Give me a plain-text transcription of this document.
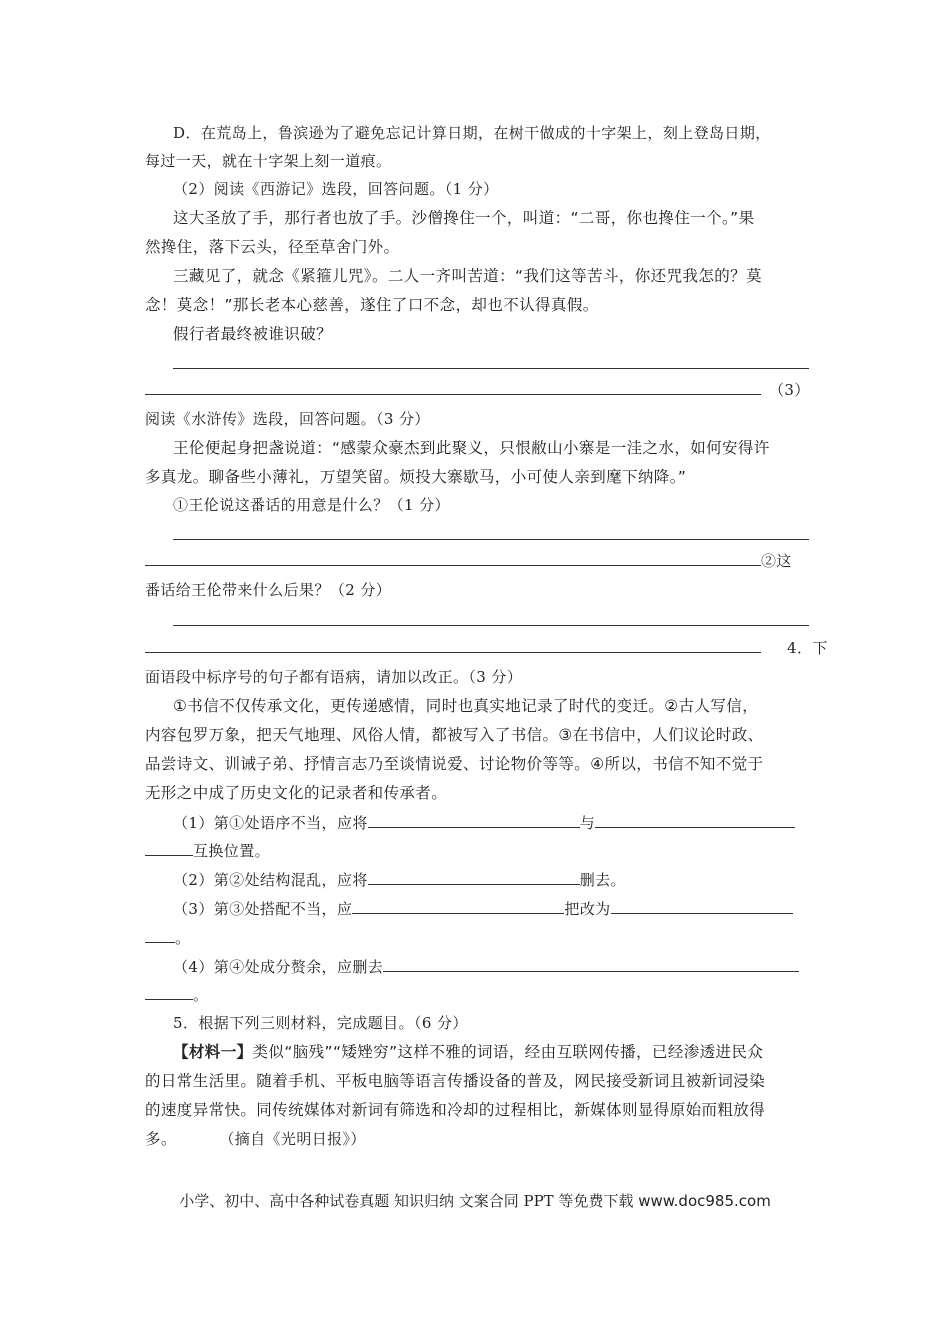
D．在荒岛上，鲁滨逊为了避免忘记计算日期，在树干做成的十字架上，刻上登岛日期，
每过一天，就在十字架上刻一道痕。
（2）阅读《西游记》选段，回答问题。（1 分）
这大圣放了手，那行者也放了手。沙僧搀住一个，叫道：“二哥，你也搀住一个。”果
然搀住，落下云头，径至草舍门外。
三藏见了，就念《紧箍儿咒》。二人一齐叫苦道：“我们这等苦斗，你还咒我怎的？莫
念！莫念！”那长老本心慈善，遂住了口不念，却也不认得真假。
假行者最终被谁识破？
（3）
阅读《水浒传》选段，回答问题。（3 分）
王伦便起身把盏说道：“感蒙众豪杰到此聚义，只恨敝山小寨是一洼之水，如何安得许
多真龙。聊备些小薄礼，万望笑留。烦投大寨歇马，小可使人亲到麾下纳降。”
①王伦说这番话的用意是什么？（1 分）
②这
番话给王伦带来什么后果？（2 分）
4．下
面语段中标序号的句子都有语病，请加以改正。（3 分）
①书信不仅传承文化，更传递感情，同时也真实地记录了时代的变迁。②古人写信，
内容包罗万象，把天气地理、风俗人情，都被写入了书信。③在书信中，人们议论时政、
品尝诗文、训诫子弟、抒情言志乃至谈情说爱、讨论物价等等。④所以，书信不知不觉于
无形之中成了历史文化的记录者和传承者。
（1）第①处语序不当，应将	与
互换位置。
（2）第②处结构混乱，应将	删去。
（3）第③处搭配不当，应	把改为
。
（4）第④处成分赘余，应删去
。
5．根据下列三则材料，完成题目。（6 分）
【材料一】类似“脑残”“矮矬穷”这样不雅的词语，经由互联网传播，已经渗透进民众
的日常生活里。随着手机、平板电脑等语言传播设备的普及，网民接受新词且被新词浸染
的速度异常快。同传统媒体对新词有筛选和冷却的过程相比，新媒体则显得原始而粗放得
多。	（摘自《光明日报》）
小学、初中、高中各种试卷真题 知识归纳 文案合同 PPT 等免费下载 www.doc985.com
